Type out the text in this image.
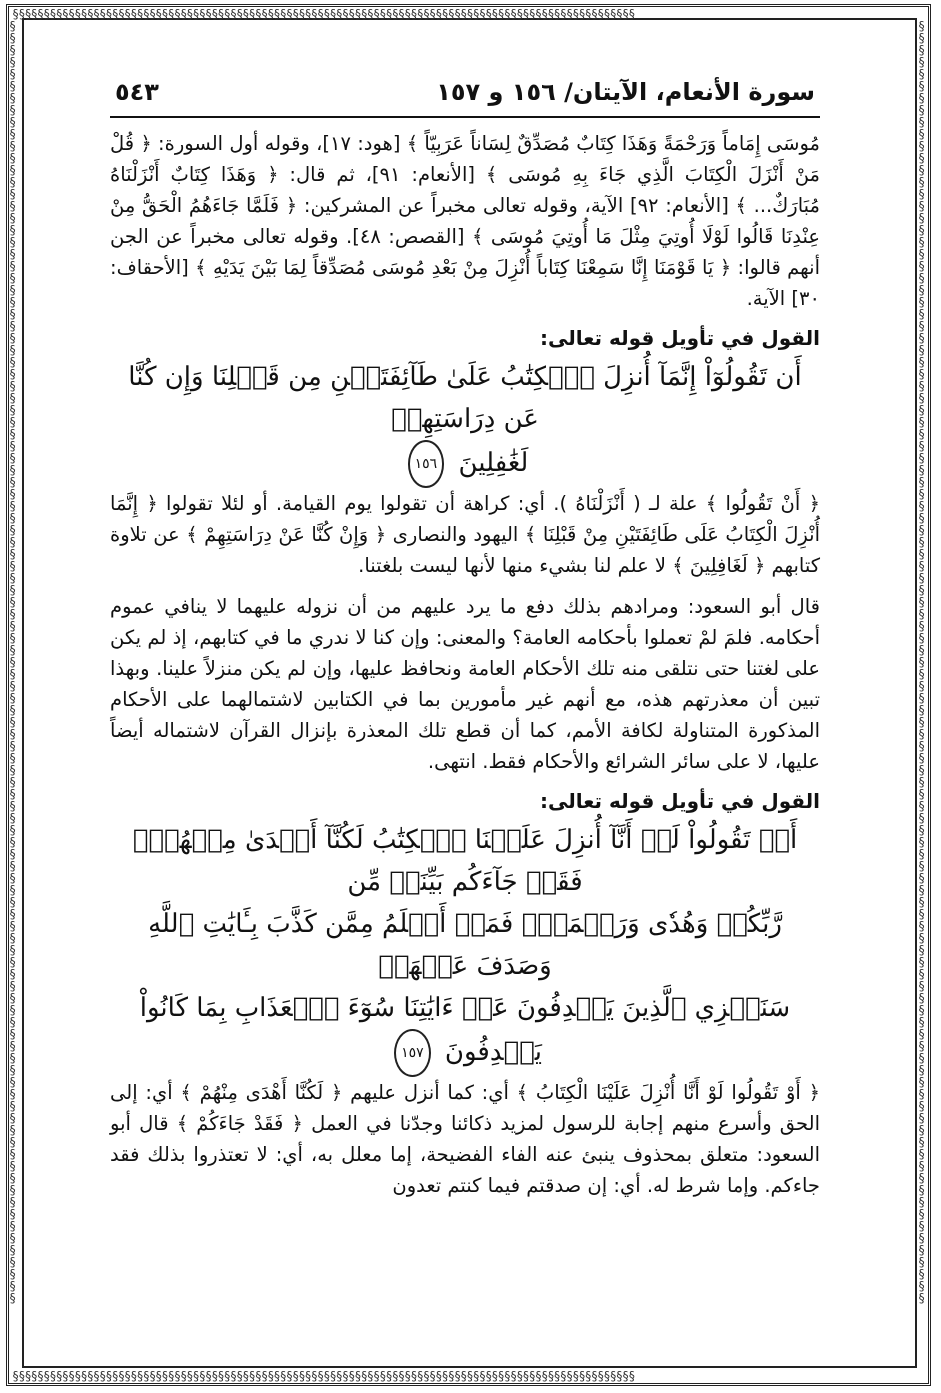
§§§§§§§§§§§§§§§§§§§§§§§§§§§§§§§§§§§§§§§§§§§§§§§§§§§§§§§§§§§§§§§§§§§§§§§§§§§§§§§§§§§§§§§§§§§§§§§§§§§§
§§§§§§§§§§§§§§§§§§§§§§§§§§§§§§§§§§§§§§§§§§§§§§§§§§§§§§§§§§§§§§§§§§§§§§§§§§§§§§§§§§§§§§§§§§§§§§§§§§§§
§§§§§§§§§§§§§§§§§§§§§§§§§§§§§§§§§§§§§§§§§§§§§§§§§§§§§§§§§§§§§§§§§§§§§§§§§§§§§§§§§§§§§§§§§§§§§§§§§§§§§§§§§§§
§§§§§§§§§§§§§§§§§§§§§§§§§§§§§§§§§§§§§§§§§§§§§§§§§§§§§§§§§§§§§§§§§§§§§§§§§§§§§§§§§§§§§§§§§§§§§§§§§§§§§§§§§§§
٥٤٣	سورة الأنعام، الآيتان/ ١٥٦ و ١٥٧

مُوسَى إِمَاماً وَرَحْمَةً وَهَذَا كِتَابٌ مُصَدِّقٌ لِسَاناً عَرَبِيّاً ﴾ [هود: ١٧]، وقوله أول السورة: ﴿ قُلْ مَنْ أَنْزَلَ الْكِتَابَ الَّذِي جَاءَ بِهِ مُوسَى ﴾ [الأنعام: ٩١]، ثم قال: ﴿ وَهَذَا كِتَابٌ أَنْزَلْنَاهُ مُبَارَكٌ... ﴾ [الأنعام: ٩٢] الآية، وقوله تعالى مخبراً عن المشركين: ﴿ فَلَمَّا جَاءَهُمُ الْحَقُّ مِنْ عِنْدِنَا قَالُوا لَوْلَا أُوتِيَ مِثْلَ مَا أُوتِيَ مُوسَى ﴾ [القصص: ٤٨]. وقوله تعالى مخبراً عن الجن أنهم قالوا: ﴿ يَا قَوْمَنَا إِنَّا سَمِعْنَا كِتَاباً أُنْزِلَ مِنْ بَعْدِ مُوسَى مُصَدِّقاً لِمَا بَيْنَ يَدَيْهِ ﴾ [الأحقاف: ٣٠] الآية.

القول في تأويل قوله تعالى:

أَن تَقُولُوٓاْ إِنَّمَآ أُنزِلَ ٱلۡكِتَٰبُ عَلَىٰ طَآئِفَتَيۡنِ مِن قَبۡلِنَا وَإِن كُنَّا عَن دِرَاسَتِهِمۡ

لَغَٰفِلِينَ ١٥٦

﴿ أَنْ تَقُولُوا ﴾ علة لـ ( أَنْزَلْنَاهُ ). أي: كراهة أن تقولوا يوم القيامة. أو لئلا تقولوا ﴿ إِنَّمَا أُنْزِلَ الْكِتَابُ عَلَى طَائِفَتَيْنِ مِنْ قَبْلِنَا ﴾ اليهود والنصارى ﴿ وَإِنْ كُنَّا عَنْ دِرَاسَتِهِمْ ﴾ عن تلاوة كتابهم ﴿ لَغَافِلِينَ ﴾ لا علم لنا بشيء منها لأنها ليست بلغتنا.

قال أبو السعود: ومرادهم بذلك دفع ما يرد عليهم من أن نزوله عليهما لا ينافي عموم أحكامه. فلمَ لمْ تعملوا بأحكامه العامة؟ والمعنى: وإن كنا لا ندري ما في كتابهم، إذ لم يكن على لغتنا حتى نتلقى منه تلك الأحكام العامة ونحافظ عليها، وإن لم يكن منزلاً علينا. وبهذا تبين أن معذرتهم هذه، مع أنهم غير مأمورين بما في الكتابين لاشتمالهما على الأحكام المذكورة المتناولة لكافة الأمم، كما أن قطع تلك المعذرة بإنزال القرآن لاشتماله أيضاً عليها، لا على سائر الشرائع والأحكام فقط. انتهى.

القول في تأويل قوله تعالى:

أَوۡ تَقُولُواْ لَوۡ أَنَّآ أُنزِلَ عَلَيۡنَا ٱلۡكِتَٰبُ لَكُنَّآ أَهۡدَىٰ مِنۡهُمۡۚ فَقَدۡ جَآءَكُم بَيِّنَةٞ مِّن

رَّبِّكُمۡ وَهُدٗى وَرَحۡمَةٞۚ فَمَنۡ أَظۡلَمُ مِمَّن كَذَّبَ بِـَٔايَٰتِ ٱللَّهِ وَصَدَفَ عَنۡهَاۗ

سَنَجۡزِي ٱلَّذِينَ يَصۡدِفُونَ عَنۡ ءَايَٰتِنَا سُوٓءَ ٱلۡعَذَابِ بِمَا كَانُواْ يَصۡدِفُونَ ١٥٧

﴿ أَوْ تَقُولُوا لَوْ أَنَّا أُنْزِلَ عَلَيْنَا الْكِتَابُ ﴾ أي: كما أنزل عليهم ﴿ لَكُنَّا أَهْدَى مِنْهُمْ ﴾ أي: إلى الحق وأسرع منهم إجابة للرسول لمزيد ذكائنا وجدّنا في العمل ﴿ فَقَدْ جَاءَكُمْ ﴾ قال أبو السعود: متعلق بمحذوف ينبئ عنه الفاء الفضيحة، إما معلل به، أي: لا تعتذروا بذلك فقد جاءكم. وإما شرط له. أي: إن صدقتم فيما كنتم تعدون
